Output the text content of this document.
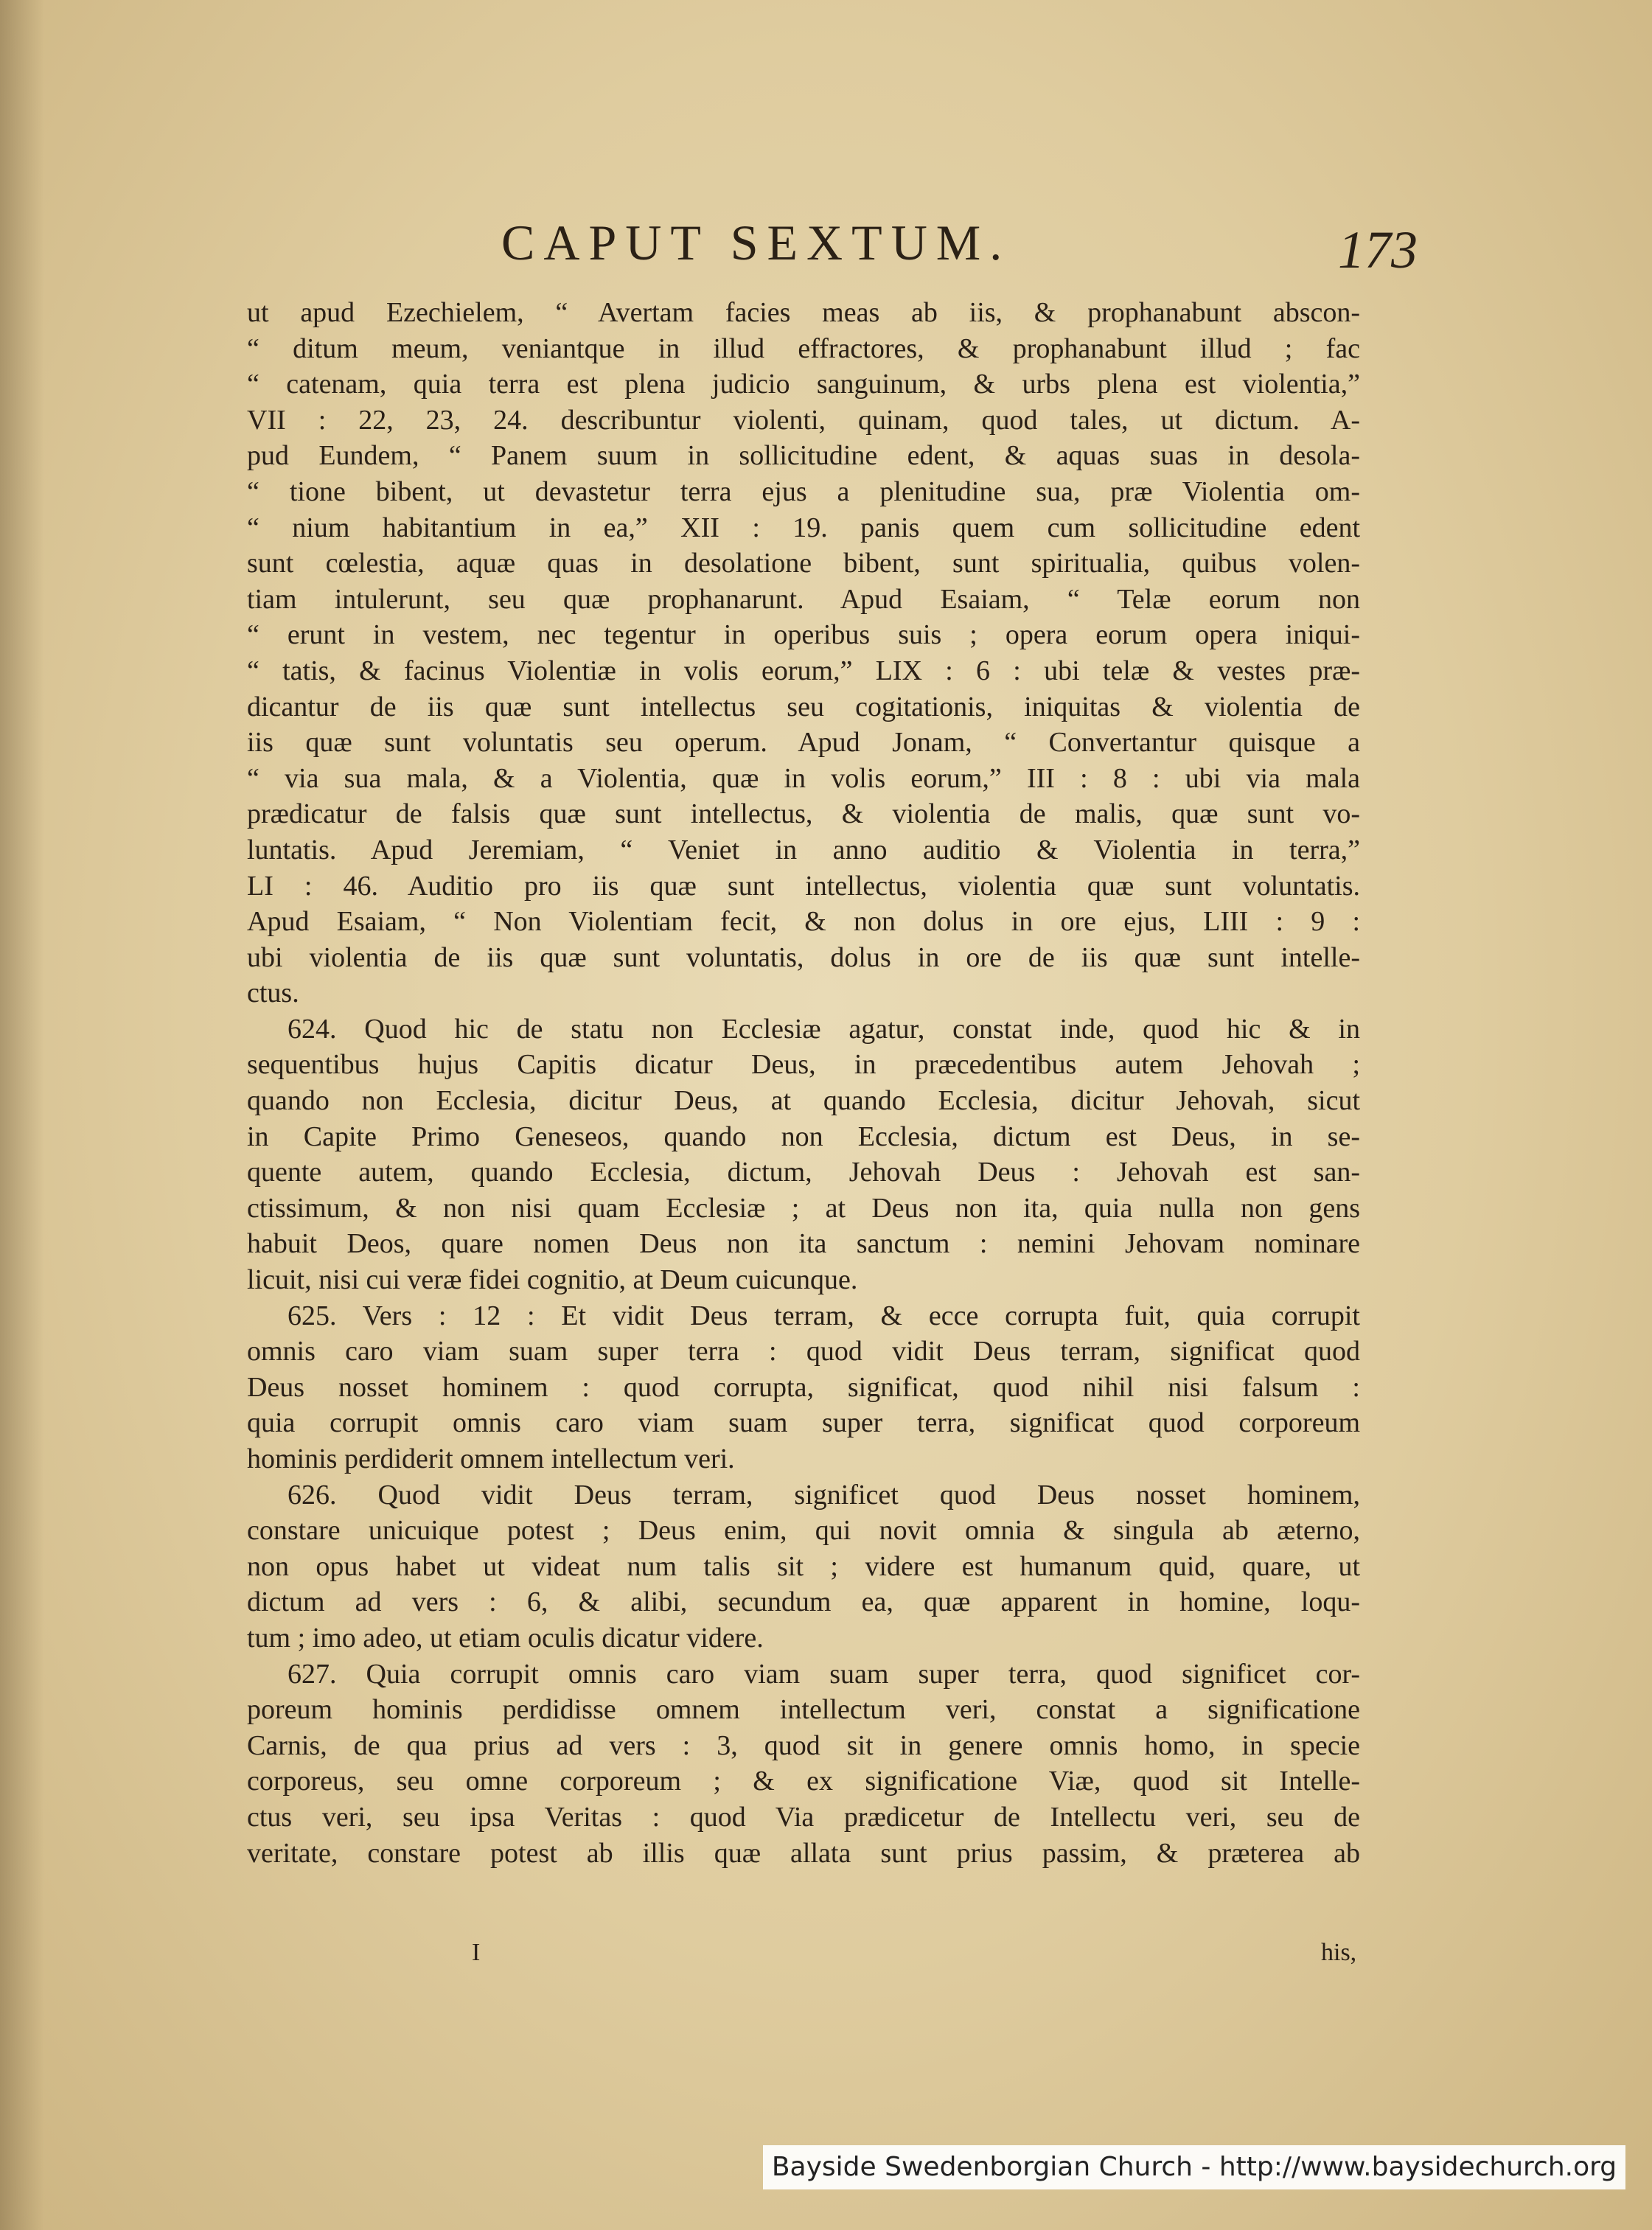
CAPUT SEXTUM.	173
ut apud Ezechielem, “ Avertam facies meas ab iis, & prophanabunt abscon-
“ ditum meum, veniantque in illud effractores, & prophanabunt illud ; fac
“ catenam, quia terra est plena judicio sanguinum, & urbs plena est violentia,”
VII : 22, 23, 24. describuntur violenti, quinam, quod tales, ut dictum. A-
pud Eundem, “ Panem suum in sollicitudine edent, & aquas suas in desola-
“ tione bibent, ut devastetur terra ejus a plenitudine sua, præ Violentia om-
“ nium habitantium in ea,” XII : 19. panis quem cum sollicitudine edent
sunt cœlestia, aquæ quas in desolatione bibent, sunt spiritualia, quibus volen-
tiam intulerunt, seu quæ prophanarunt. Apud Esaiam, “ Telæ eorum non
“ erunt in vestem, nec tegentur in operibus suis ; opera eorum opera iniqui-
“ tatis, & facinus Violentiæ in volis eorum,” LIX : 6 : ubi telæ & vestes præ-
dicantur de iis quæ sunt intellectus seu cogitationis, iniquitas & violentia de
iis quæ sunt voluntatis seu operum. Apud Jonam, “ Convertantur quisque a
“ via sua mala, & a Violentia, quæ in volis eorum,” III : 8 : ubi via mala
prædicatur de falsis quæ sunt intellectus, & violentia de malis, quæ sunt vo-
luntatis. Apud Jeremiam, “ Veniet in anno auditio & Violentia in terra,”
LI : 46. Auditio pro iis quæ sunt intellectus, violentia quæ sunt voluntatis.
Apud Esaiam, “ Non Violentiam fecit, & non dolus in ore ejus, LIII : 9 :
ubi violentia de iis quæ sunt voluntatis, dolus in ore de iis quæ sunt intelle-
ctus.
624. Quod hic de statu non Ecclesiæ agatur, constat inde, quod hic & in
sequentibus hujus Capitis dicatur Deus, in præcedentibus autem Jehovah ;
quando non Ecclesia, dicitur Deus, at quando Ecclesia, dicitur Jehovah, sicut
in Capite Primo Geneseos, quando non Ecclesia, dictum est Deus, in se-
quente autem, quando Ecclesia, dictum, Jehovah Deus : Jehovah est san-
ctissimum, & non nisi quam Ecclesiæ ; at Deus non ita, quia nulla non gens
habuit Deos, quare nomen Deus non ita sanctum : nemini Jehovam nominare
licuit, nisi cui veræ fidei cognitio, at Deum cuicunque.
625. Vers : 12 : Et vidit Deus terram, & ecce corrupta fuit, quia corrupit
omnis caro viam suam super terra : quod vidit Deus terram, significat quod
Deus nosset hominem : quod corrupta, significat, quod nihil nisi falsum :
quia corrupit omnis caro viam suam super terra, significat quod corporeum
hominis perdiderit omnem intellectum veri.
626. Quod vidit Deus terram, significet quod Deus nosset hominem,
constare unicuique potest ; Deus enim, qui novit omnia & singula ab æterno,
non opus habet ut videat num talis sit ; videre est humanum quid, quare, ut
dictum ad vers : 6, & alibi, secundum ea, quæ apparent in homine, loqu-
tum ; imo adeo, ut etiam oculis dicatur videre.
627. Quia corrupit omnis caro viam suam super terra, quod significet cor-
poreum hominis perdidisse omnem intellectum veri, constat a significatione
Carnis, de qua prius ad vers : 3, quod sit in genere omnis homo, in specie
corporeus, seu omne corporeum ; & ex significatione Viæ, quod sit Intelle-
ctus veri, seu ipsa Veritas : quod Via prædicetur de Intellectu veri, seu de
veritate, constare potest ab illis quæ allata sunt prius passim, & præterea ab
I	his,
Bayside Swedenborgian Church - http://www.baysidechurch.org
